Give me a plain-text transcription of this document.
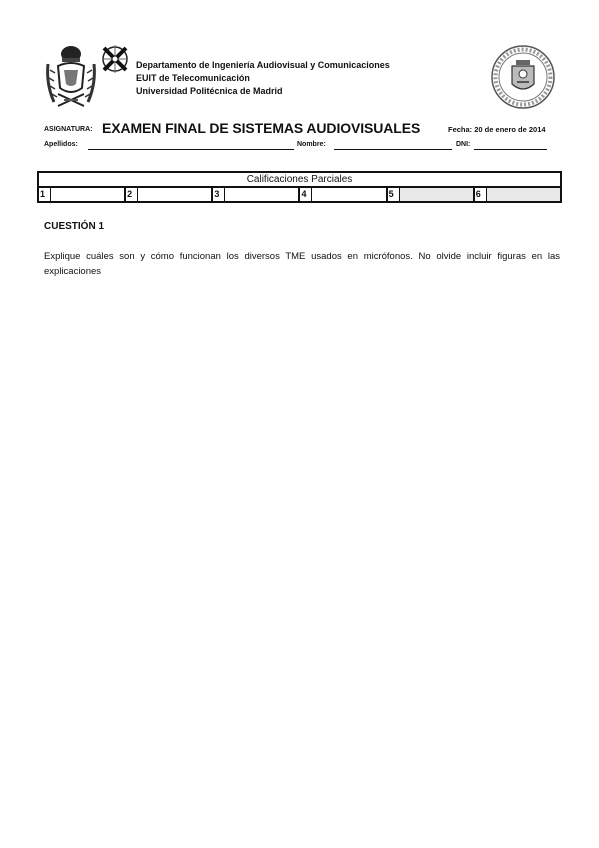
Departamento de Ingeniería Audiovisual y Comunicaciones
EUIT de Telecomunicación
Universidad Politécnica de Madrid
ASIGNATURA: EXAMEN FINAL DE SISTEMAS AUDIOVISUALES	Fecha: 20 de enero de 2014
Apellidos:	Nombre:	DNI:
Calificaciones Parciales

1	2	3	4	5	6
CUESTIÓN 1
Explique cuáles son y cómo funcionan los diversos TME usados en micrófonos. No olvide incluir figuras en las explicaciones
